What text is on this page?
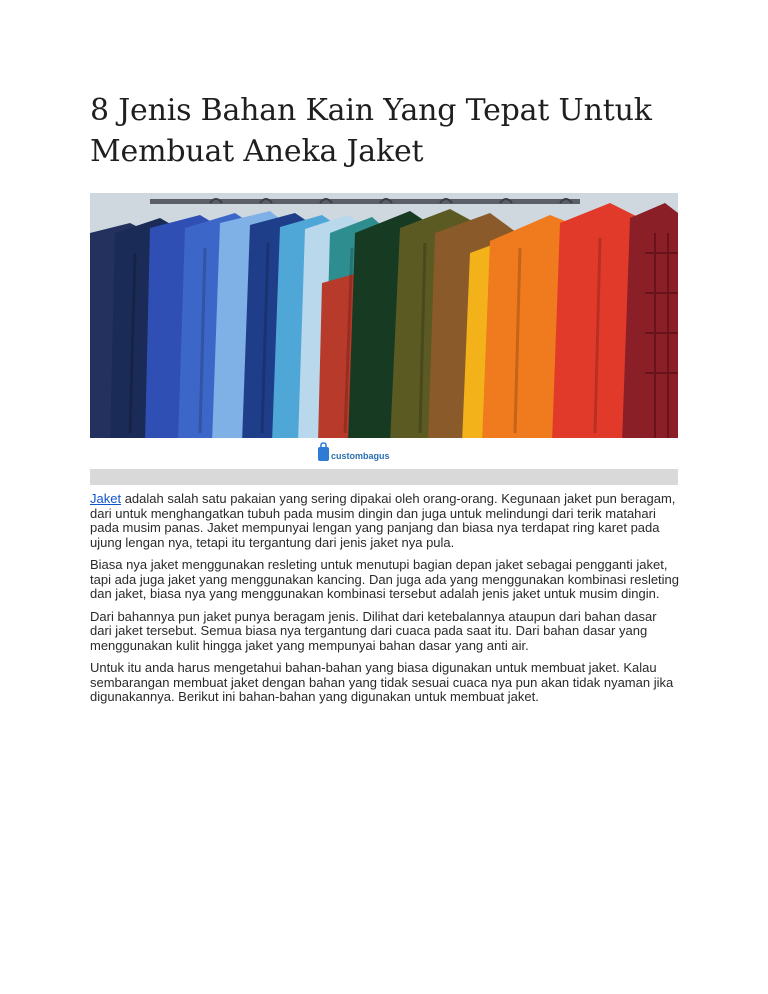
8 Jenis Bahan Kain Yang Tepat Untuk
Membuat Aneka Jaket
custombagus

Jaket adalah salah satu pakaian yang sering dipakai oleh orang-orang. Kegunaan jaket pun beragam, dari untuk menghangatkan tubuh pada musim dingin dan juga untuk melindungi dari terik matahari pada musim panas. Jaket mempunyai lengan yang panjang dan biasa nya terdapat ring karet pada ujung lengan nya, tetapi itu tergantung dari jenis jaket nya pula.

Biasa nya jaket menggunakan resleting untuk menutupi bagian depan jaket sebagai pengganti jaket, tapi ada juga jaket yang menggunakan kancing. Dan juga ada yang menggunakan kombinasi resleting dan jaket, biasa nya yang menggunakan kombinasi tersebut adalah jenis jaket untuk musim dingin.

Dari bahannya pun jaket punya beragam jenis. Dilihat dari ketebalannya ataupun dari bahan dasar dari jaket tersebut. Semua biasa nya tergantung dari cuaca pada saat itu. Dari bahan dasar yang menggunakan kulit hingga jaket yang mempunyai bahan dasar yang anti air.

Untuk itu anda harus mengetahui bahan-bahan yang biasa digunakan untuk membuat jaket. Kalau sembarangan membuat jaket dengan bahan yang tidak sesuai cuaca nya pun akan tidak nyaman jika digunakannya. Berikut ini bahan-bahan yang digunakan untuk membuat jaket.
